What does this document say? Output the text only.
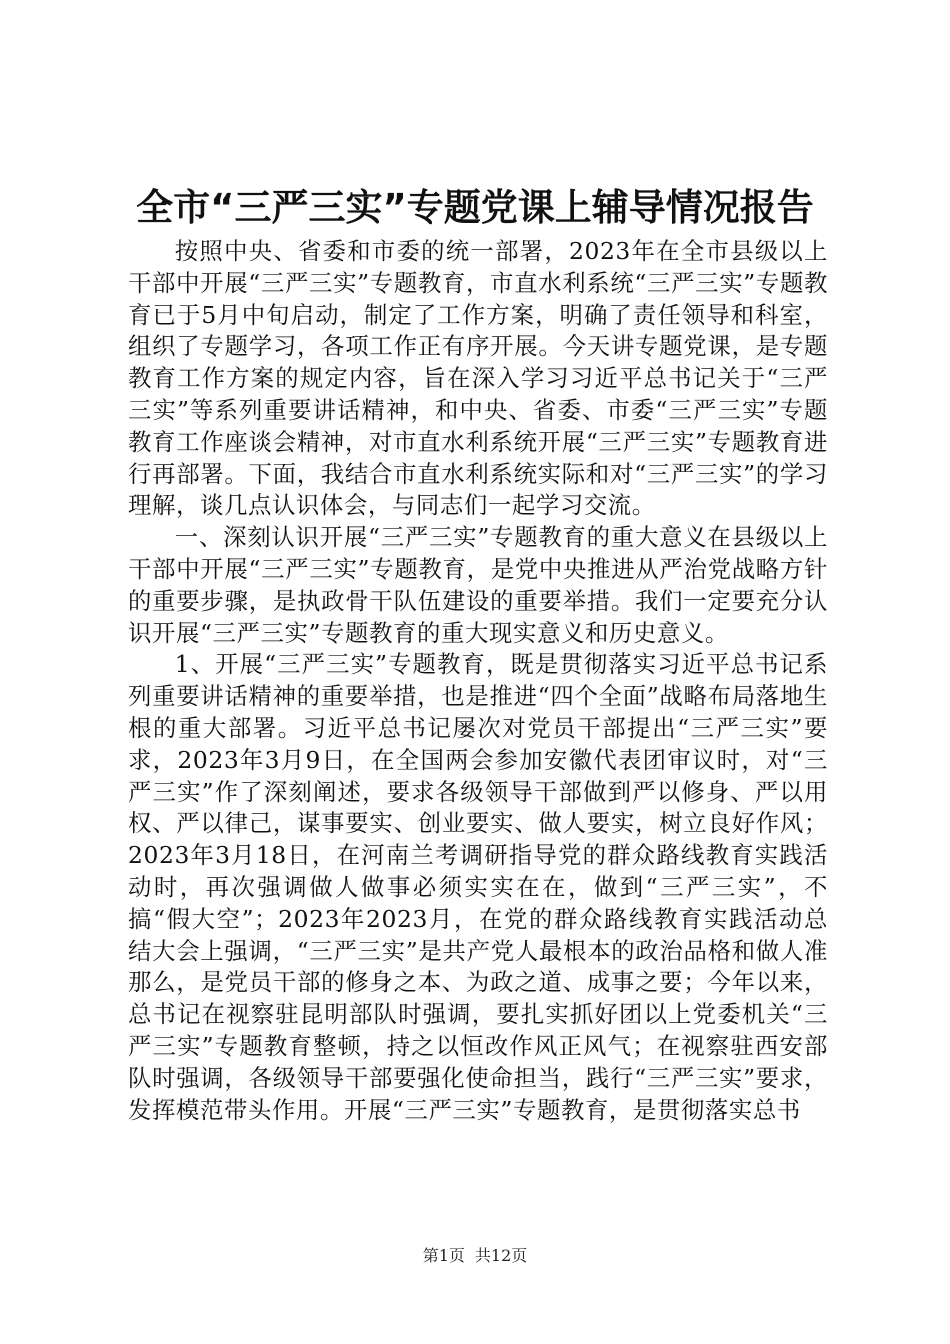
全市“三严三实”专题党课上辅导情况报告

按照中央、省委和市委的统一部署，2023年在全市县级以上干部中开展“三严三实”专题教育，市直水利系统“三严三实”专题教育已于5月中旬启动，制定了工作方案，明确了责任领导和科室，组织了专题学习，各项工作正有序开展。今天讲专题党课，是专题教育工作方案的规定内容，旨在深入学习习近平总书记关于“三严三实”等系列重要讲话精神，和中央、省委、市委“三严三实”专题教育工作座谈会精神，对市直水利系统开展“三严三实”专题教育进行再部署。下面，我结合市直水利系统实际和对“三严三实”的学习理解，谈几点认识体会，与同志们一起学习交流。

一、深刻认识开展“三严三实”专题教育的重大意义在县级以上干部中开展“三严三实”专题教育，是党中央推进从严治党战略方针的重要步骤，是执政骨干队伍建设的重要举措。我们一定要充分认识开展“三严三实”专题教育的重大现实意义和历史意义。

1、开展“三严三实”专题教育，既是贯彻落实习近平总书记系列重要讲话精神的重要举措，也是推进“四个全面”战略布局落地生根的重大部署。习近平总书记屡次对党员干部提出“三严三实”要求，2023年3月9日，在全国两会参加安徽代表团审议时，对“三严三实”作了深刻阐述，要求各级领导干部做到严以修身、严以用权、严以律己，谋事要实、创业要实、做人要实，树立良好作风；2023年3月18日，在河南兰考调研指导党的群众路线教育实践活动时，再次强调做人做事必须实实在在，做到“三严三实”，不搞“假大空”；2023年2023月，在党的群众路线教育实践活动总结大会上强调，“三严三实”是共产党人最根本的政治品格和做人准那么，是党员干部的修身之本、为政之道、成事之要；今年以来，总书记在视察驻昆明部队时强调，要扎实抓好团以上党委机关“三严三实”专题教育整顿，持之以恒改作风正风气；在视察驻西安部队时强调，各级领导干部要强化使命担当，践行“三严三实”要求，发挥模范带头作用。开展“三严三实”专题教育，是贯彻落实总书

第1页 共12页
